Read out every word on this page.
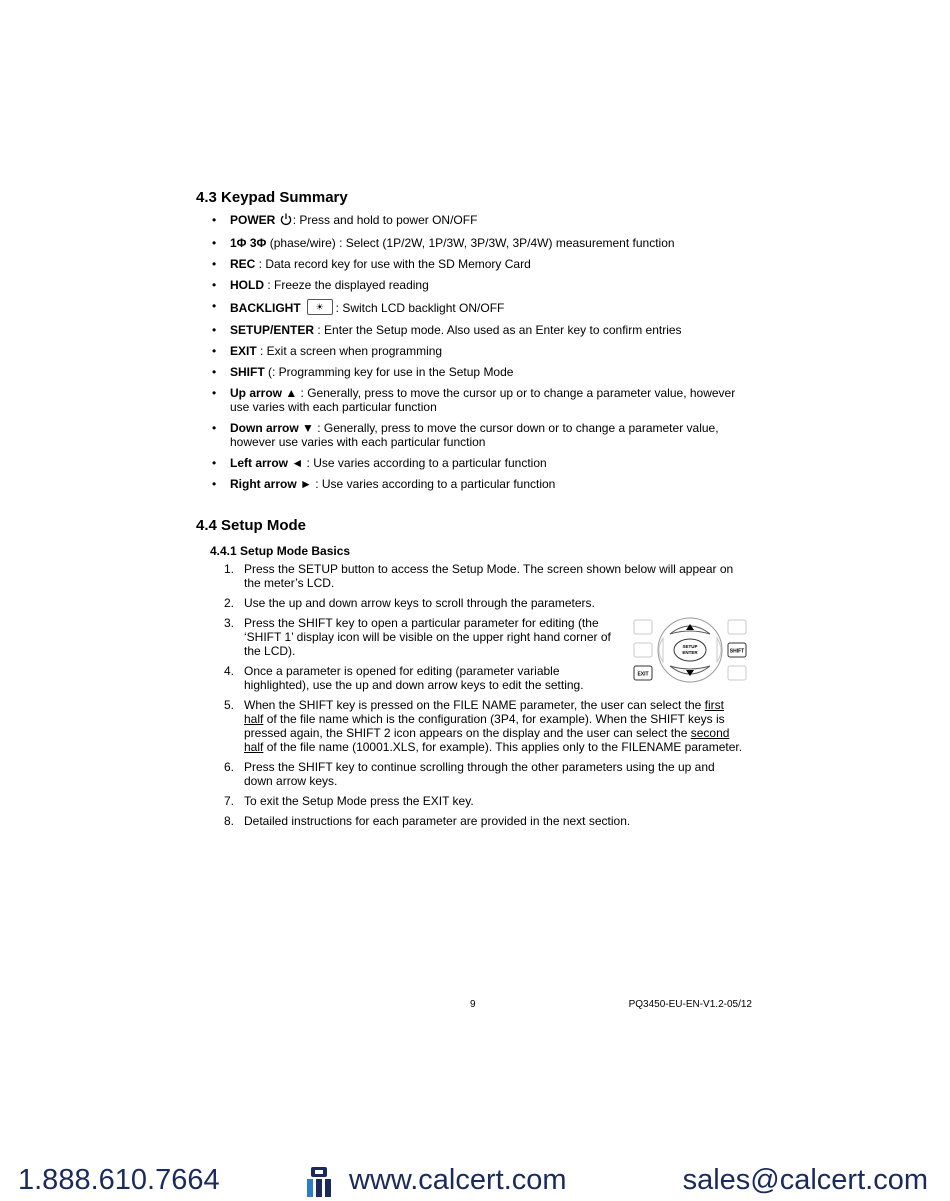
4.3 Keypad Summary
• POWER : Press and hold to power ON/OFF
• 1Φ 3Φ (phase/wire) : Select (1P/2W, 1P/3W, 3P/3W, 3P/4W) measurement function
• REC : Data record key for use with the SD Memory Card
• HOLD : Freeze the displayed reading
• BACKLIGHT	☀ : Switch LCD backlight ON/OFF
• SETUP/ENTER : Enter the Setup mode. Also used as an Enter key to confirm entries
• EXIT : Exit a screen when programming
• SHIFT (: Programming key for use in the Setup Mode
• Up arrow ▲ : Generally, press to move the cursor up or to change a parameter value, however use varies with each particular function
• Down arrow ▼ : Generally, press to move the cursor down or to change a parameter value, however use varies with each particular function
• Left arrow ◄ : Use varies according to a particular function
• Right arrow ► : Use varies according to a particular function
4.4 Setup Mode
4.4.1 Setup Mode Basics
1. Press the SETUP button to access the Setup Mode. The screen shown below will appear on the meter’s LCD.
2. Use the up and down arrow keys to scroll through the parameters.
3. Press the SHIFT key to open a particular parameter for editing (the ‘SHIFT 1’ display icon will be visible on the upper right hand corner of the LCD).
4. Once a parameter is opened for editing (parameter variable highlighted), use the up and down arrow keys to edit the setting.
5. When the SHIFT key is pressed on the FILE NAME parameter, the user can select the first half of the file name which is the configuration (3P4, for example). When the SHIFT keys is pressed again, the SHIFT 2 icon appears on the display and the user can select the second half of the file name (10001.XLS, for example). This applies only to the FILENAME parameter.
6. Press the SHIFT key to continue scrolling through the other parameters using the up and down arrow keys.
7. To exit the Setup Mode press the EXIT key.
8. Detailed instructions for each parameter are provided in the next section.
EXIT
SHIFT
SETUP
ENTER
9	PQ3450-EU-EN-V1.2-05/12
1.888.610.7664	www.calcert.com	sales@calcert.com
